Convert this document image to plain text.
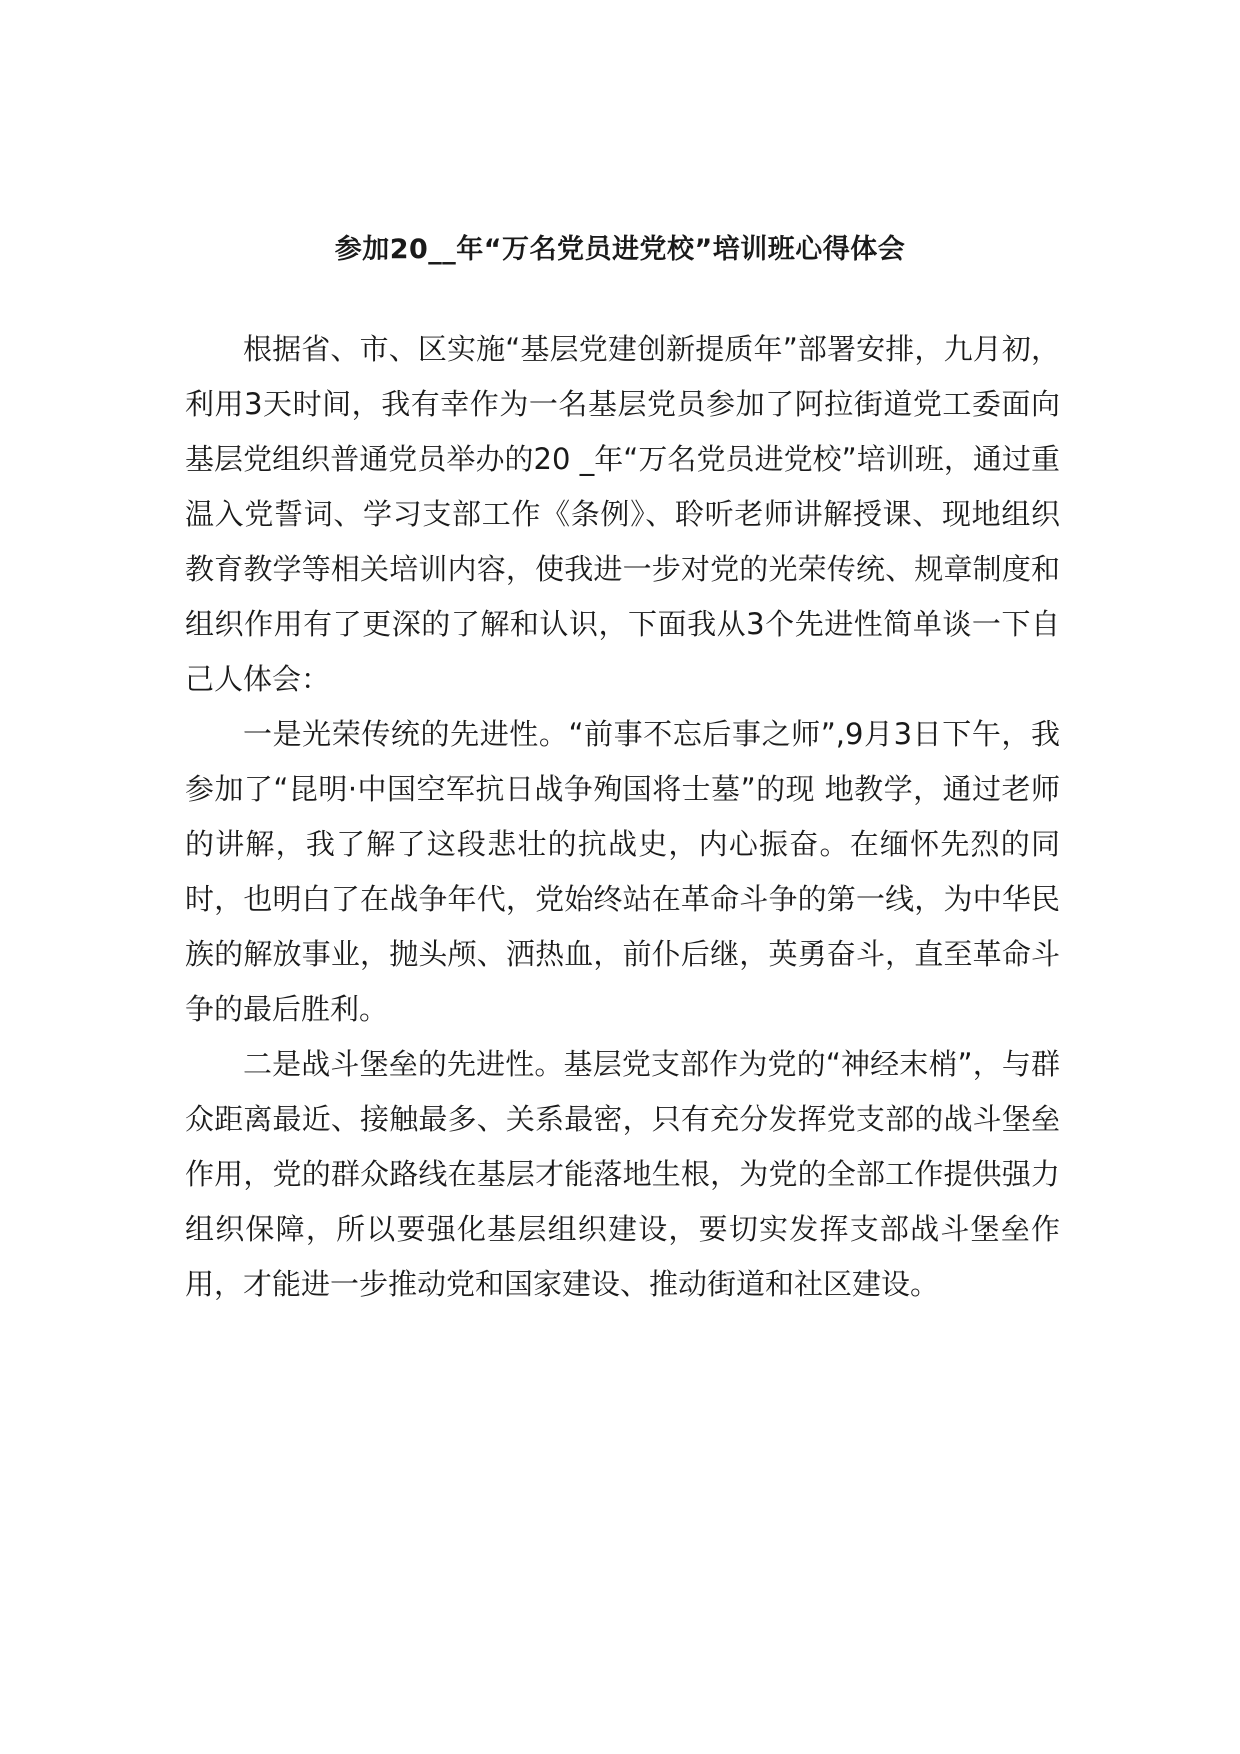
参加20__年“万名党员进党校”培训班心得体会

根据省、市、区实施“基层党建创新提质年”部署安排，九月初，利用3天时间，我有幸作为一名基层党员参加了阿拉街道党工委面向基层党组织普通党员举办的20 _年“万名党员进党校”培训班，通过重温入党誓词、学习支部工作《条例》、聆听老师讲解授课、现地组织教育教学等相关培训内容，使我进一步对党的光荣传统、规章制度和组织作用有了更深的了解和认识，下面我从3个先进性简单谈一下自己人体会：

一是光荣传统的先进性。“前事不忘后事之师”,9月3日下午，我参加了“昆明·中国空军抗日战争殉国将士墓”的现 地教学，通过老师的讲解，我了解了这段悲壮的抗战史，内心振奋。在缅怀先烈的同时，也明白了在战争年代，党始终站在革命斗争的第一线，为中华民族的解放事业，抛头颅、洒热血，前仆后继，英勇奋斗，直至革命斗争的最后胜利。

二是战斗堡垒的先进性。基层党支部作为党的“神经末梢”，与群众距离最近、接触最多、关系最密，只有充分发挥党支部的战斗堡垒作用，党的群众路线在基层才能落地生根，为党的全部工作提供强力组织保障，所以要强化基层组织建设，要切实发挥支部战斗堡垒作用，才能进一步推动党和国家建设、推动街道和社区建设。
